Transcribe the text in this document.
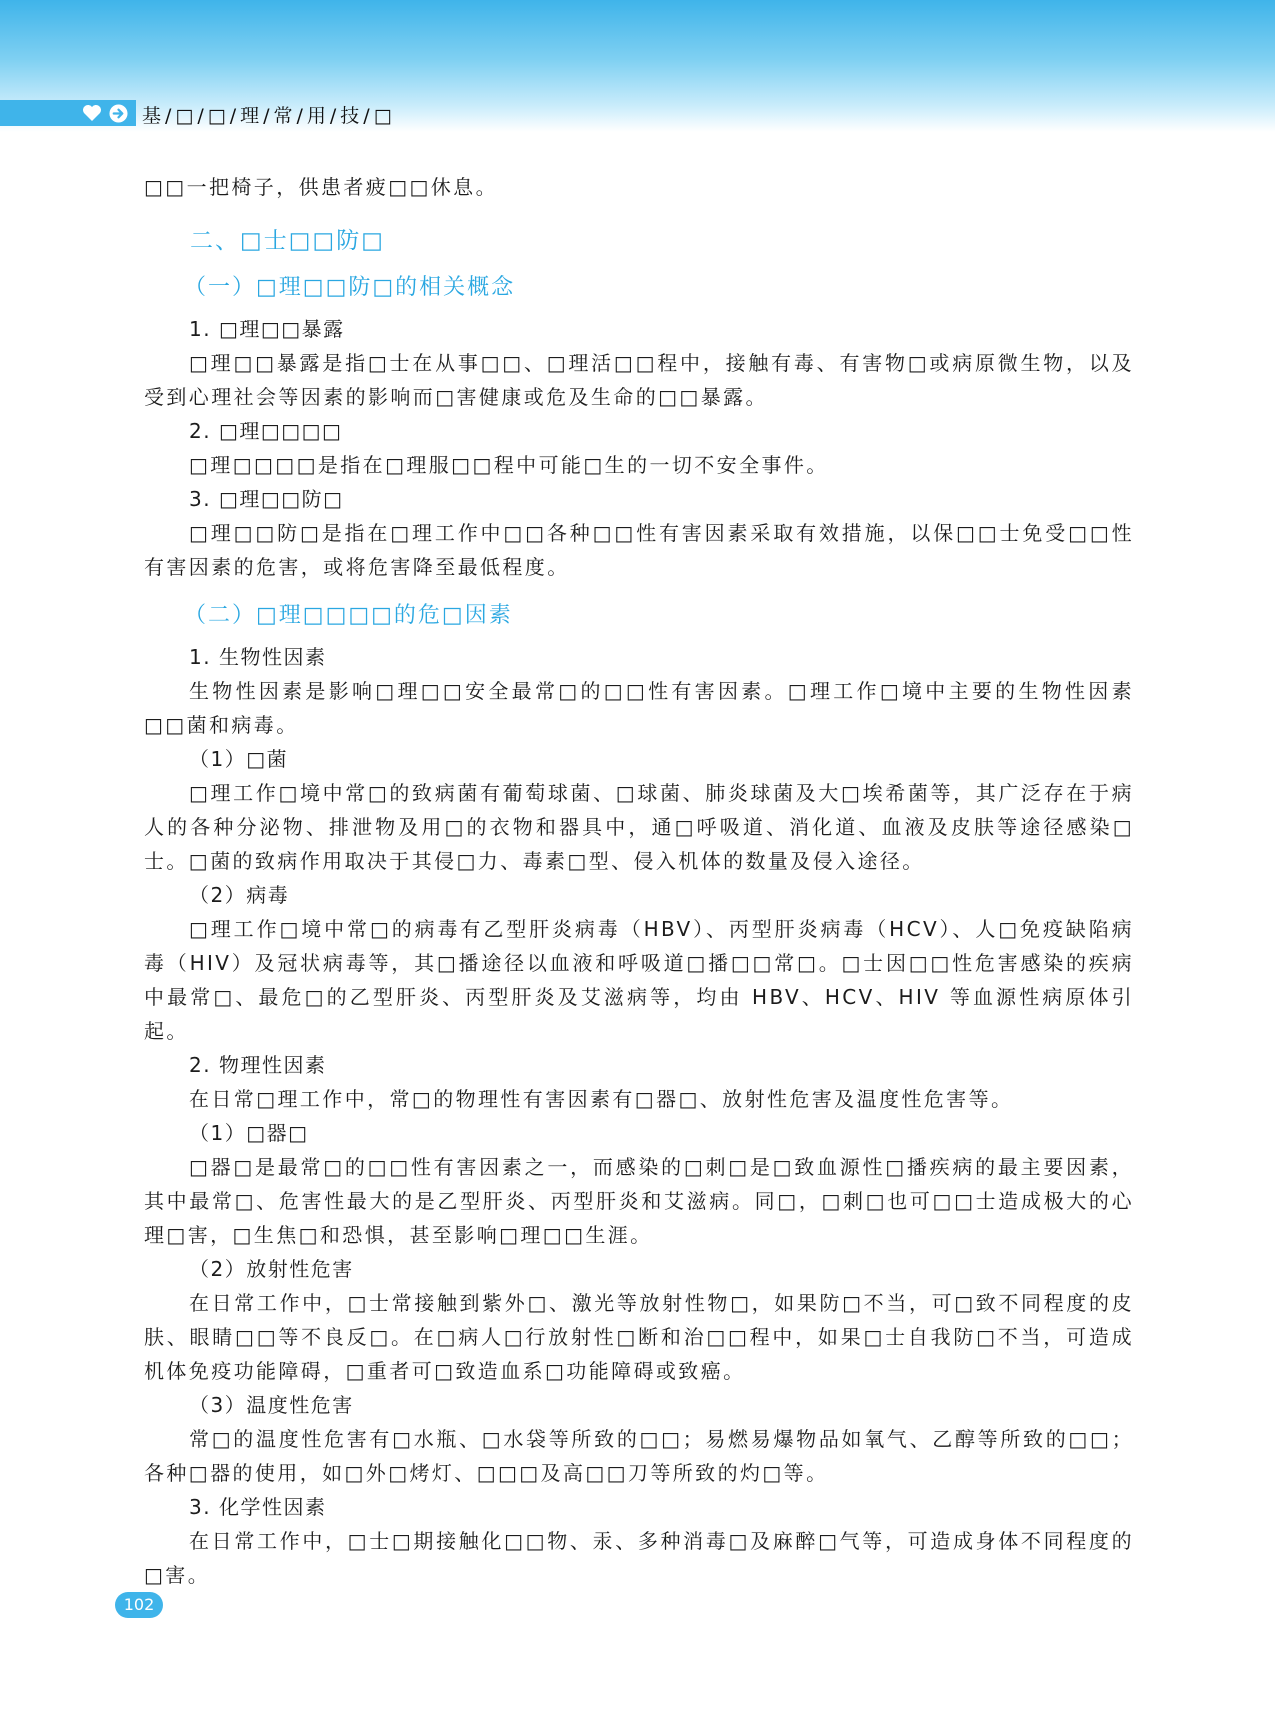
基/□/□/理/常/用/技/□
□□一把椅子，供患者疲□□休息。
二、□士□□防□
（一）□理□□防□的相关概念
1. □理□□暴露
□理□□暴露是指□士在从事□□、□理活□□程中，接触有毒、有害物□或病原微生物，以及受到心理社会等因素的影响而□害健康或危及生命的□□暴露。
2. □理□□□□
□理□□□□是指在□理服□□程中可能□生的一切不安全事件。
3. □理□□防□
□理□□防□是指在□理工作中□□各种□□性有害因素采取有效措施，以保□□士免受□□性有害因素的危害，或将危害降至最低程度。
（二）□理□□□□的危□因素
1. 生物性因素
生物性因素是影响□理□□安全最常□的□□性有害因素。□理工作□境中主要的生物性因素□□菌和病毒。
（1）□菌
□理工作□境中常□的致病菌有葡萄球菌、□球菌、肺炎球菌及大□埃希菌等，其广泛存在于病人的各种分泌物、排泄物及用□的衣物和器具中，通□呼吸道、消化道、血液及皮肤等途径感染□士。□菌的致病作用取决于其侵□力、毒素□型、侵入机体的数量及侵入途径。
（2）病毒
□理工作□境中常□的病毒有乙型肝炎病毒（HBV）、丙型肝炎病毒（HCV）、人□免疫缺陷病毒（HIV）及冠状病毒等，其□播途径以血液和呼吸道□播□□常□。□士因□□性危害感染的疾病中最常□、最危□的乙型肝炎、丙型肝炎及艾滋病等，均由 HBV、HCV、HIV 等血源性病原体引起。
2. 物理性因素
在日常□理工作中，常□的物理性有害因素有□器□、放射性危害及温度性危害等。
（1）□器□
□器□是最常□的□□性有害因素之一，而感染的□刺□是□致血源性□播疾病的最主要因素，其中最常□、危害性最大的是乙型肝炎、丙型肝炎和艾滋病。同□，□刺□也可□□士造成极大的心理□害，□生焦□和恐惧，甚至影响□理□□生涯。
（2）放射性危害
在日常工作中，□士常接触到紫外□、激光等放射性物□，如果防□不当，可□致不同程度的皮肤、眼睛□□等不良反□。在□病人□行放射性□断和治□□程中，如果□士自我防□不当，可造成机体免疫功能障碍，□重者可□致造血系□功能障碍或致癌。
（3）温度性危害
常□的温度性危害有□水瓶、□水袋等所致的□□；易燃易爆物品如氧气、乙醇等所致的□□；各种□器的使用，如□外□烤灯、□□□及高□□刀等所致的灼□等。
3. 化学性因素
在日常工作中，□士□期接触化□□物、汞、多种消毒□及麻醉□气等，可造成身体不同程度的□害。
102
